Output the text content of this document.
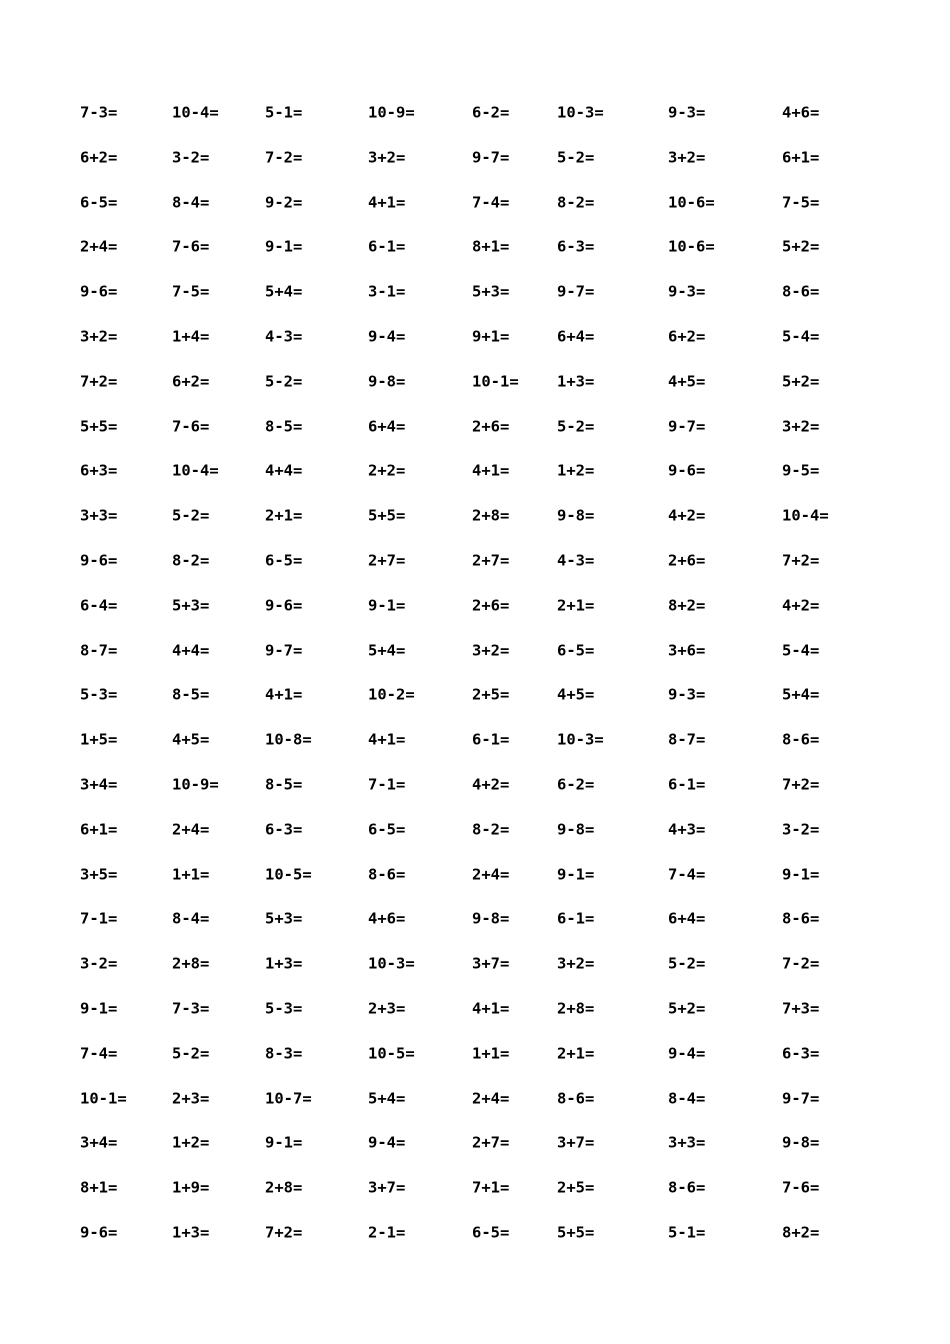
7-3=	10-4=	5-1=	10-9=	6-2=	10-3=	9-3=	4+6=
6+2=	3-2=	7-2=	3+2=	9-7=	5-2=	3+2=	6+1=
6-5=	8-4=	9-2=	4+1=	7-4=	8-2=	10-6=	7-5=
2+4=	7-6=	9-1=	6-1=	8+1=	6-3=	10-6=	5+2=
9-6=	7-5=	5+4=	3-1=	5+3=	9-7=	9-3=	8-6=
3+2=	1+4=	4-3=	9-4=	9+1=	6+4=	6+2=	5-4=
7+2=	6+2=	5-2=	9-8=	10-1= 1+3=	4+5=	5+2=
5+5=	7-6=	8-5=	6+4=	2+6=	5-2=	9-7=	3+2=
6+3=	10-4=	4+4=	2+2=	4+1=	1+2=	9-6=	9-5=
3+3=	5-2=	2+1=	5+5=	2+8=	9-8=	4+2=	10-4=
9-6=	8-2=	6-5=	2+7=	2+7=	4-3=	2+6=	7+2=
6-4=	5+3=	9-6=	9-1=	2+6=	2+1=	8+2=	4+2=
8-7=	4+4=	9-7=	5+4=	3+2=	6-5=	3+6=	5-4=
5-3=	8-5=	4+1=	10-2=	2+5=	4+5=	9-3=	5+4=
1+5=	4+5=	10-8=	4+1=	6-1=	10-3=	8-7=	8-6=
3+4=	10-9=	8-5=	7-1=	4+2=	6-2=	6-1=	7+2=
6+1=	2+4=	6-3=	6-5=	8-2=	9-8=	4+3=	3-2=
3+5=	1+1=	10-5=	8-6=	2+4=	9-1=	7-4=	9-1=
7-1=	8-4=	5+3=	4+6=	9-8=	6-1=	6+4=	8-6=
3-2=	2+8=	1+3=	10-3=	3+7=	3+2=	5-2=	7-2=
9-1=	7-3=	5-3=	2+3=	4+1=	2+8=	5+2=	7+3=
7-4=	5-2=	8-3=	10-5=	1+1=	2+1=	9-4=	6-3=
10-1=	2+3=	10-7=	5+4=	2+4=	8-6=	8-4=	9-7=
3+4=	1+2=	9-1=	9-4=	2+7=	3+7=	3+3=	9-8=
8+1=	1+9=	2+8=	3+7=	7+1=	2+5=	8-6=	7-6=
9-6=	1+3=	7+2=	2-1=	6-5=	5+5=	5-1=	8+2=
